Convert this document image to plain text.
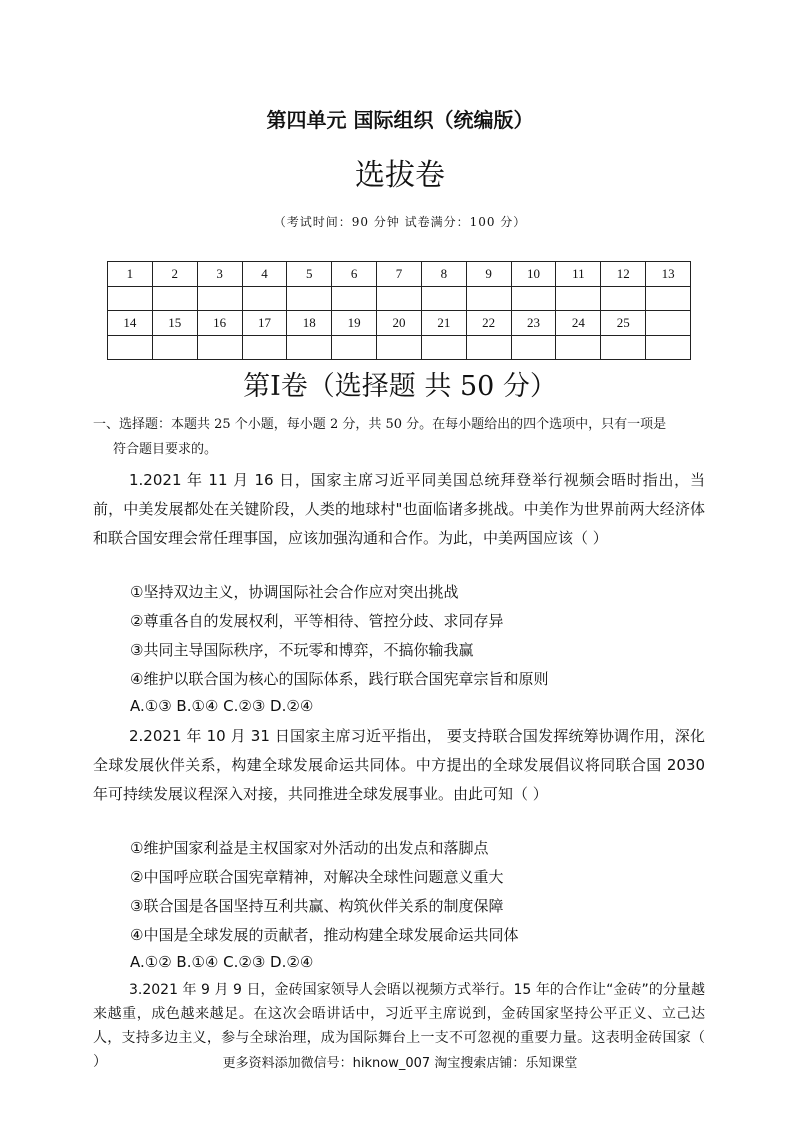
第四单元 国际组织（统编版）
选拔卷
（考试时间：90 分钟 试卷满分：100 分）
1	2	3	4	5	6	7	8	9	10	11	12	13

14	15	16	17	18	19	20	21	22	23	24	25	

第Ⅰ卷（选择题 共 50 分）
一、选择题：本题共 25 个小题，每小题 2 分，共 50 分。在每小题给出的四个选项中，只有一项是
符合题目要求的。
1.2021 年 11 月 16 日，国家主席习近平同美国总统拜登举行视频会晤时指出，当前，中美发展都处在关键阶段，人类的地球村"也面临诸多挑战。中美作为世界前两大经济体和联合国安理会常任理事国，应该加强沟通和合作。为此，中美两国应该（ ）
①坚持双边主义，协调国际社会合作应对突出挑战
②尊重各自的发展权利，平等相待、管控分歧、求同存异
③共同主导国际秩序，不玩零和博弈，不搞你输我赢
④维护以联合国为核心的国际体系，践行联合国宪章宗旨和原则
A.①③ B.①④ C.②③ D.②④
2.2021 年 10 月 31 日国家主席习近平指出， 要支持联合国发挥统筹协调作用，深化全球发展伙伴关系，构建全球发展命运共同体。中方提出的全球发展倡议将同联合国 2030 年可持续发展议程深入对接，共同推进全球发展事业。由此可知（ ）
①维护国家利益是主权国家对外活动的出发点和落脚点
②中国呼应联合国宪章精神，对解决全球性问题意义重大
③联合国是各国坚持互利共赢、构筑伙伴关系的制度保障
④中国是全球发展的贡献者，推动构建全球发展命运共同体
A.①② B.①④ C.②③ D.②④
3.2021 年 9 月 9 日，金砖国家领导人会晤以视频方式举行。15 年的合作让“金砖”的分量越来越重，成色越来越足。在这次会晤讲话中，习近平主席说到，金砖国家坚持公平正义、立己达人，支持多边主义，参与全球治理，成为国际舞台上一支不可忽视的重要力量。这表明金砖国家（ ）	更多资料添加微信号：hiknow_007 淘宝搜索店铺：乐知课堂
